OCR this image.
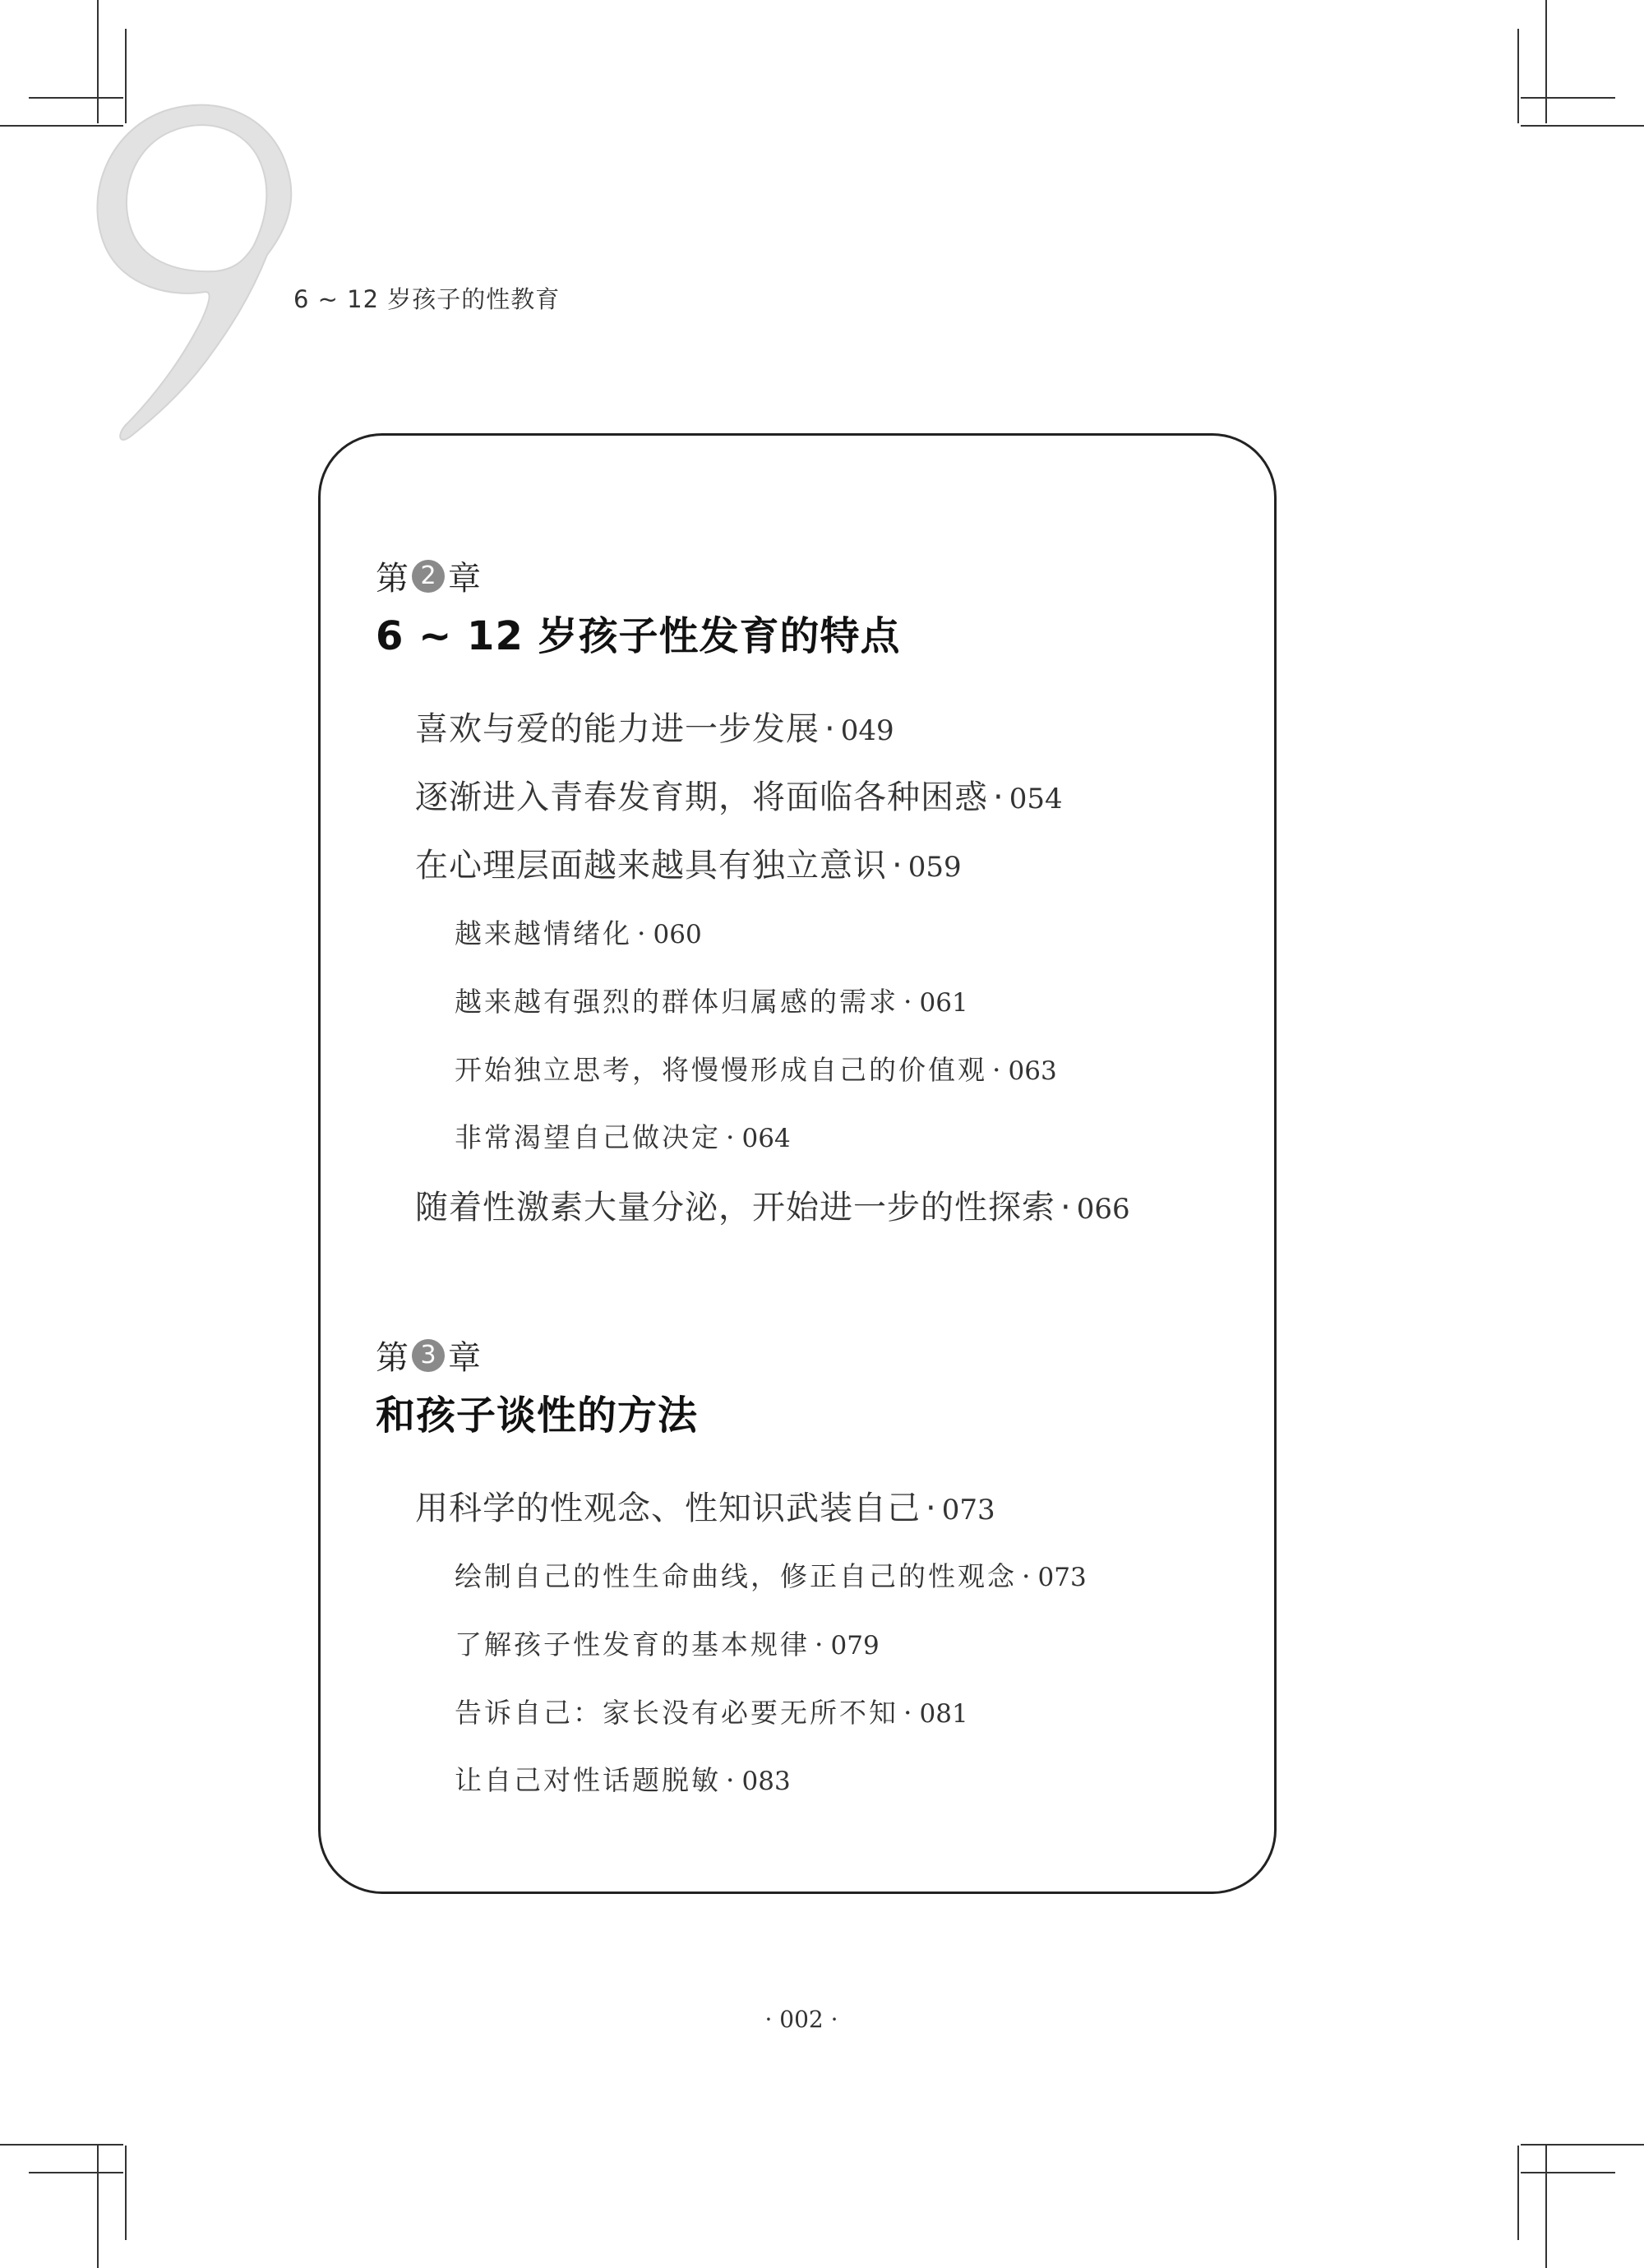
6 ~ 12 岁孩子的性教育
第 2 章
6 ~ 12 岁孩子性发育的特点
喜欢与爱的能力进一步发展 · 049
逐渐进入青春发育期，将面临各种困惑 · 054
在心理层面越来越具有独立意识 · 059
越来越情绪化 · 060
越来越有强烈的群体归属感的需求 · 061
开始独立思考，将慢慢形成自己的价值观 · 063
非常渴望自己做决定 · 064
随着性激素大量分泌，开始进一步的性探索 · 066
第 3 章
和孩子谈性的方法
用科学的性观念、性知识武装自己 · 073
绘制自己的性生命曲线，修正自己的性观念 · 073
了解孩子性发育的基本规律 · 079
告诉自己：家长没有必要无所不知 · 081
让自己对性话题脱敏 · 083
· 002 ·
